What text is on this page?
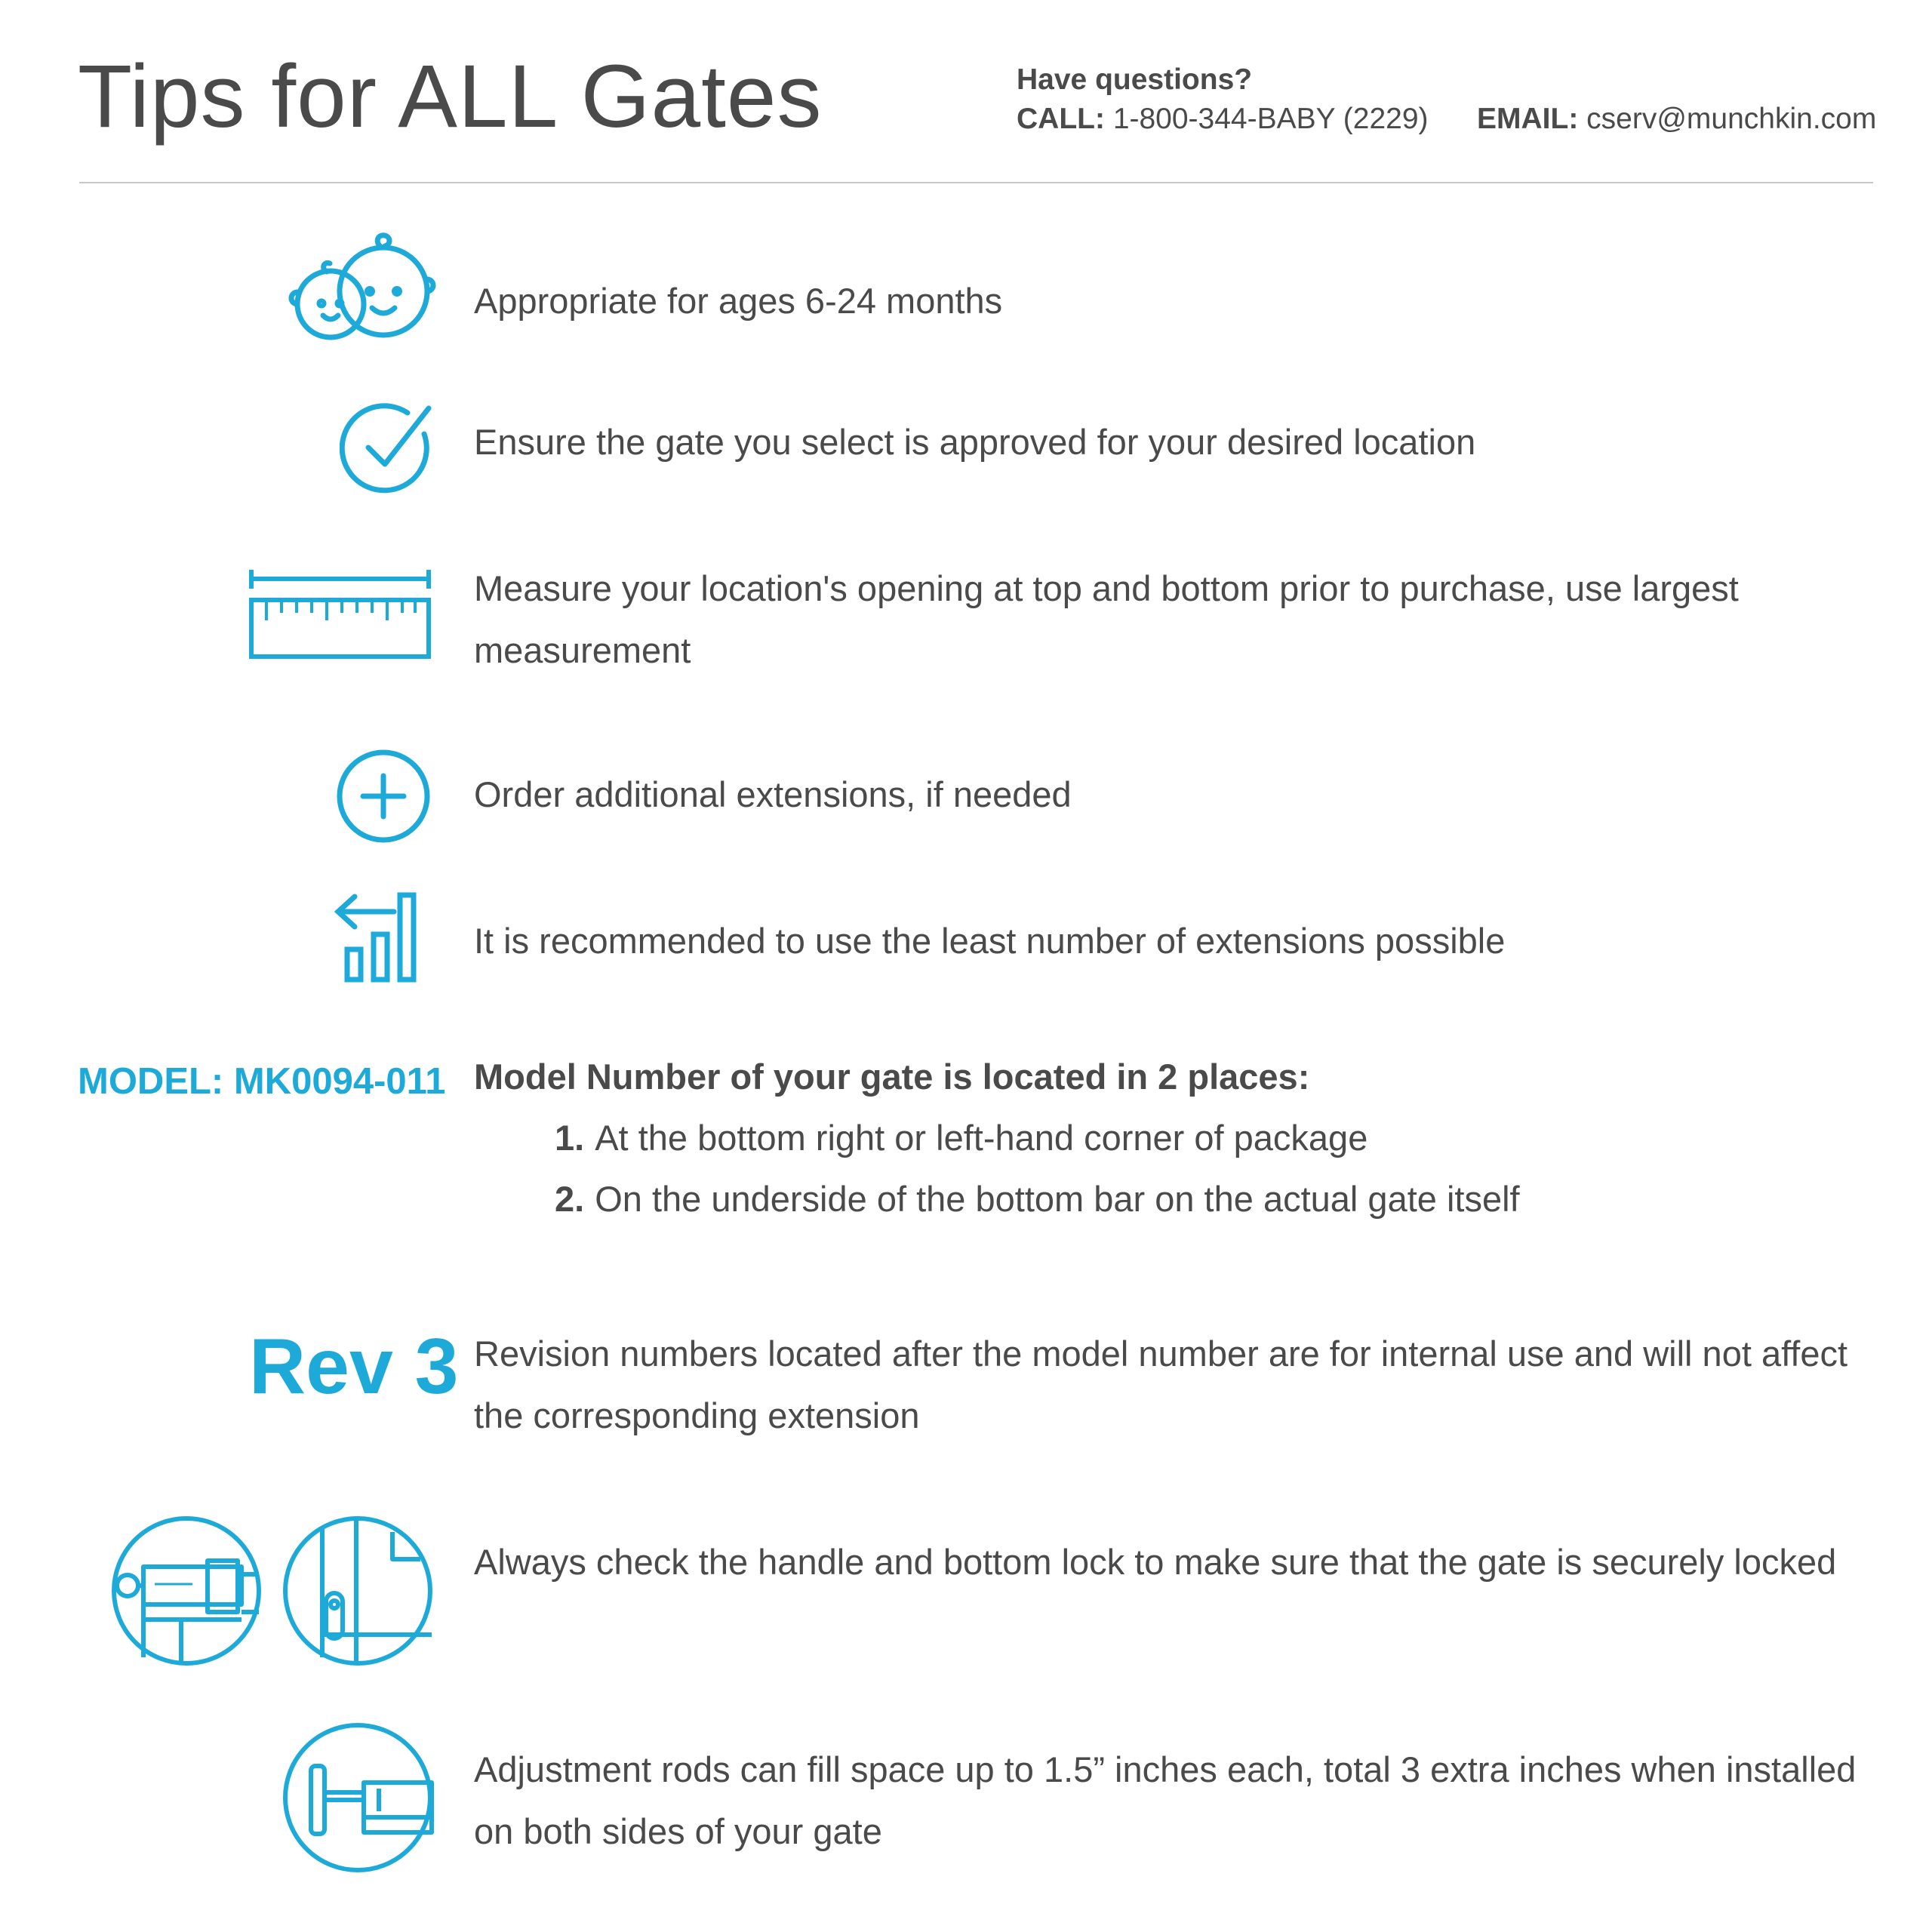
Tips for ALL Gates	Have questions?
CALL: 1-800-344-BABY (2229) EMAIL: cserv@munchkin.com
Appropriate for ages 6-24 months
Ensure the gate you select is approved for your desired location
Measure your location's opening at top and bottom prior to purchase, use largest measurement
Order additional extensions, if needed
It is recommended to use the least number of extensions possible
MODEL: MK0094-011 Model Number of your gate is located in 2 places:
1. At the bottom right or left-hand corner of package
2. On the underside of the bottom bar on the actual gate itself
Rev 3 Revision numbers located after the model number are for internal use and will not affect the corresponding extension
Always check the handle and bottom lock to make sure that the gate is securely locked
Adjustment rods can fill space up to 1.5” inches each, total 3 extra inches when installed on both sides of your gate
